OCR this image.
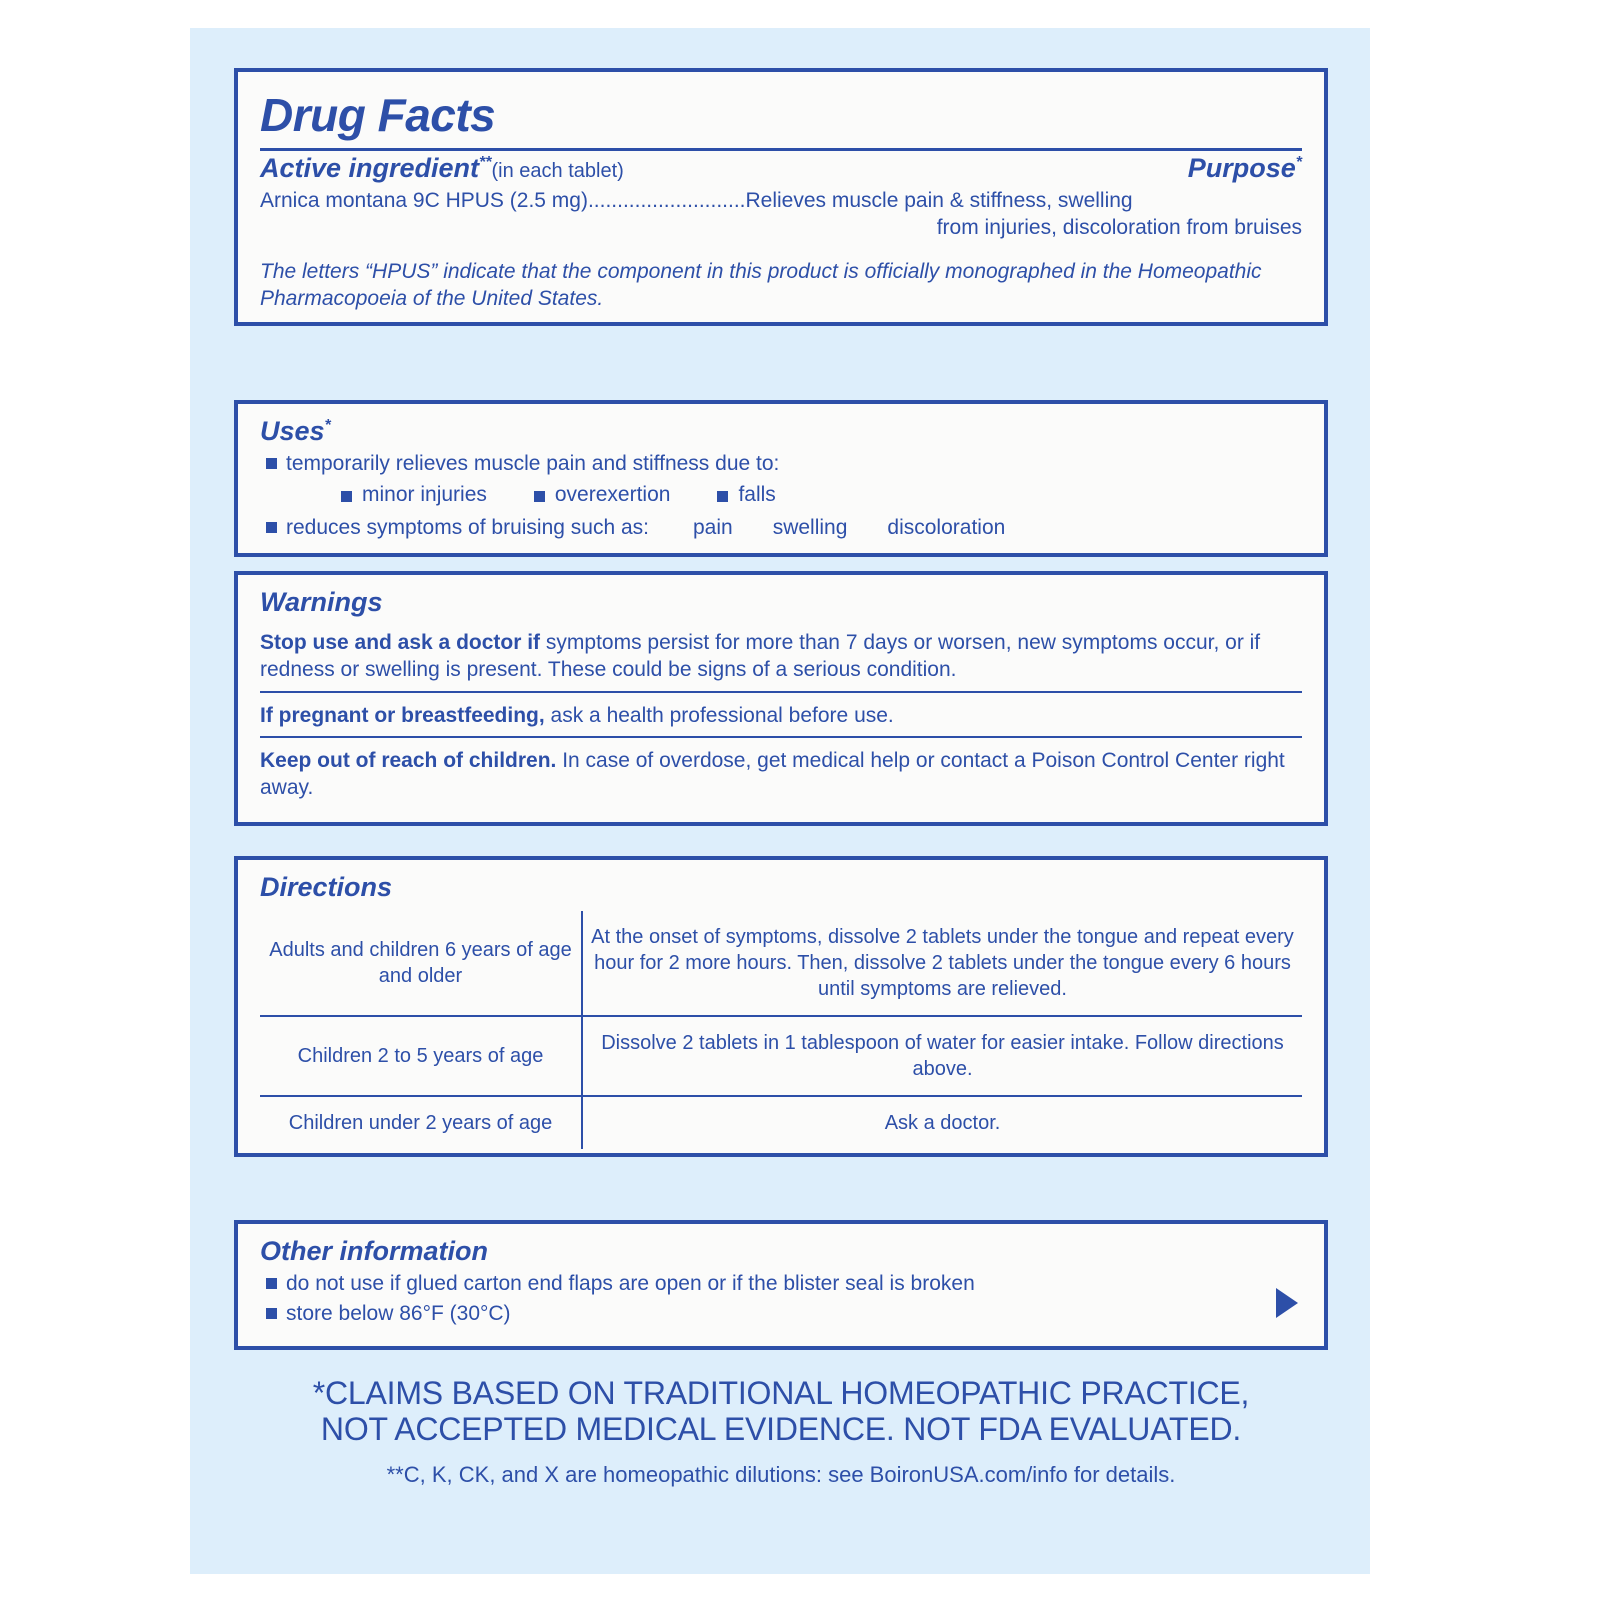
Drug Facts
Active ingredient**(in each tablet)	Purpose*
Arnica montana 9C HPUS (2.5 mg)...........................Relieves muscle pain & stiffness, swelling
from injuries, discoloration from bruises
The letters “HPUS” indicate that the component in this product is officially monographed in the Homeopathic Pharmacopoeia of the United States.
Uses*
temporarily relieves muscle pain and stiffness due to:
minor injuries	overexertion	falls
reduces symptoms of bruising such as: pain swelling discoloration
Warnings
Stop use and ask a doctor if symptoms persist for more than 7 days or worsen, new symptoms occur, or if redness or swelling is present. These could be signs of a serious condition.
If pregnant or breastfeeding, ask a health professional before use.
Keep out of reach of children. In case of overdose, get medical help or contact a Poison Control Center right away.
Directions
Adults and children 6 years of age and older	At the onset of symptoms, dissolve 2 tablets under the tongue and repeat every hour for 2 more hours. Then, dissolve 2 tablets under the tongue every 6 hours until symptoms are relieved.
Children 2 to 5 years of age	Dissolve 2 tablets in 1 tablespoon of water for easier intake. Follow directions above.
Children under 2 years of age	Ask a doctor.
Other information
do not use if glued carton end flaps are open or if the blister seal is broken
store below 86°F (30°C)
*CLAIMS BASED ON TRADITIONAL HOMEOPATHIC PRACTICE,
NOT ACCEPTED MEDICAL EVIDENCE. NOT FDA EVALUATED.
**C, K, CK, and X are homeopathic dilutions: see BoironUSA.com/info for details.
